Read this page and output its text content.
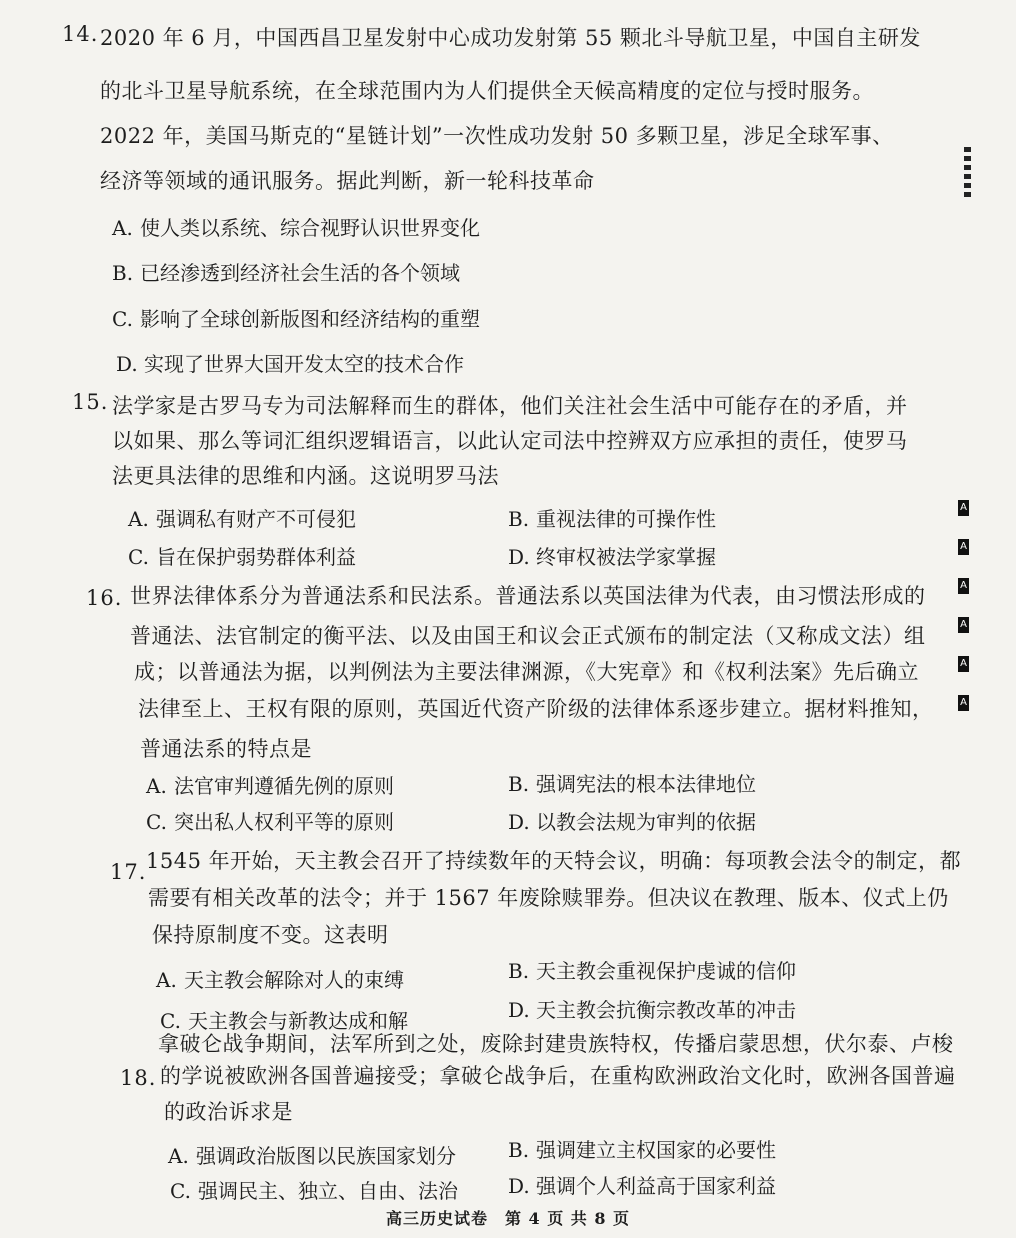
14. 2020 年 6 月，中国西昌卫星发射中心成功发射第 55 颗北斗导航卫星，中国自主研发
的北斗卫星导航系统，在全球范围内为人们提供全天候高精度的定位与授时服务。
2022 年，美国马斯克的“星链计划”一次性成功发射 50 多颗卫星，涉足全球军事、
经济等领域的通讯服务。据此判断，新一轮科技革命
A. 使人类以系统、综合视野认识世界变化
B. 已经渗透到经济社会生活的各个领域
C. 影响了全球创新版图和经济结构的重塑
D. 实现了世界大国开发太空的技术合作
15. 法学家是古罗马专为司法解释而生的群体，他们关注社会生活中可能存在的矛盾，并
以如果、那么等词汇组织逻辑语言，以此认定司法中控辨双方应承担的责任，使罗马
法更具法律的思维和内涵。这说明罗马法
A. 强调私有财产不可侵犯	B. 重视法律的可操作性
C. 旨在保护弱势群体利益	D. 终审权被法学家掌握
16. 世界法律体系分为普通法系和民法系。普通法系以英国法律为代表，由习惯法形成的
普通法、法官制定的衡平法、以及由国王和议会正式颁布的制定法（又称成文法）组
成；以普通法为据，以判例法为主要法律渊源，《大宪章》和《权利法案》先后确立
法律至上、王权有限的原则，英国近代资产阶级的法律体系逐步建立。据材料推知，
普通法系的特点是
A. 法官审判遵循先例的原则	B. 强调宪法的根本法律地位
C. 突出私人权利平等的原则	D. 以教会法规为审判的依据
17. 1545 年开始，天主教会召开了持续数年的天特会议，明确：每项教会法令的制定，都
需要有相关改革的法令；并于 1567 年废除赎罪券。但决议在教理、版本、仪式上仍
保持原制度不变。这表明
A. 天主教会解除对人的束缚	B. 天主教会重视保护虔诚的信仰
C. 天主教会与新教达成和解	D. 天主教会抗衡宗教改革的冲击
18.
拿破仑战争期间，法军所到之处，废除封建贵族特权，传播启蒙思想，伏尔泰、卢梭
的学说被欧洲各国普遍接受；拿破仑战争后，在重构欧洲政治文化时，欧洲各国普遍
的政治诉求是
A. 强调政治版图以民族国家划分	B. 强调建立主权国家的必要性
C. 强调民主、独立、自由、法治	D. 强调个人利益高于国家利益
高三历史试卷　第 4 页 共 8 页
A
A
A
A
A
A
